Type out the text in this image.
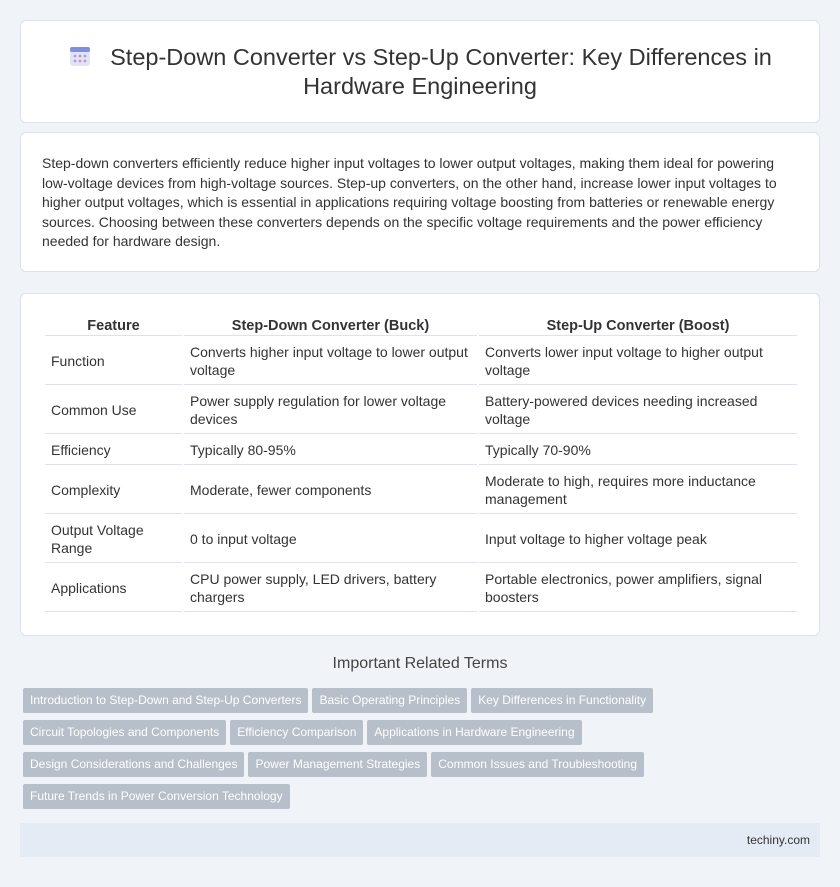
Step-Down Converter vs Step-Up Converter: Key Differences in Hardware Engineering

Step-down converters efficiently reduce higher input voltages to lower output voltages, making them ideal for powering low-voltage devices from high-voltage sources. Step-up converters, on the other hand, increase lower input voltages to higher output voltages, which is essential in applications requiring voltage boosting from batteries or renewable energy sources. Choosing between these converters depends on the specific voltage requirements and the power efficiency needed for hardware design.

Feature	Step-Down Converter (Buck)	Step-Up Converter (Boost)
Function	Converts higher input voltage to lower output voltage	Converts lower input voltage to higher output voltage
Common Use	Power supply regulation for lower voltage devices	Battery-powered devices needing increased voltage
Efficiency	Typically 80-95%	Typically 70-90%
Complexity	Moderate, fewer components	Moderate to high, requires more inductance management
Output Voltage Range	0 to input voltage	Input voltage to higher voltage peak
Applications	CPU power supply, LED drivers, battery chargers	Portable electronics, power amplifiers, signal boosters
Important Related Terms
Introduction to Step-Down and Step-Up Converters Basic Operating Principles Key Differences in Functionality
Circuit Topologies and Components Efficiency Comparison Applications in Hardware Engineering
Design Considerations and Challenges Power Management Strategies Common Issues and Troubleshooting
Future Trends in Power Conversion Technology
techiny.com
